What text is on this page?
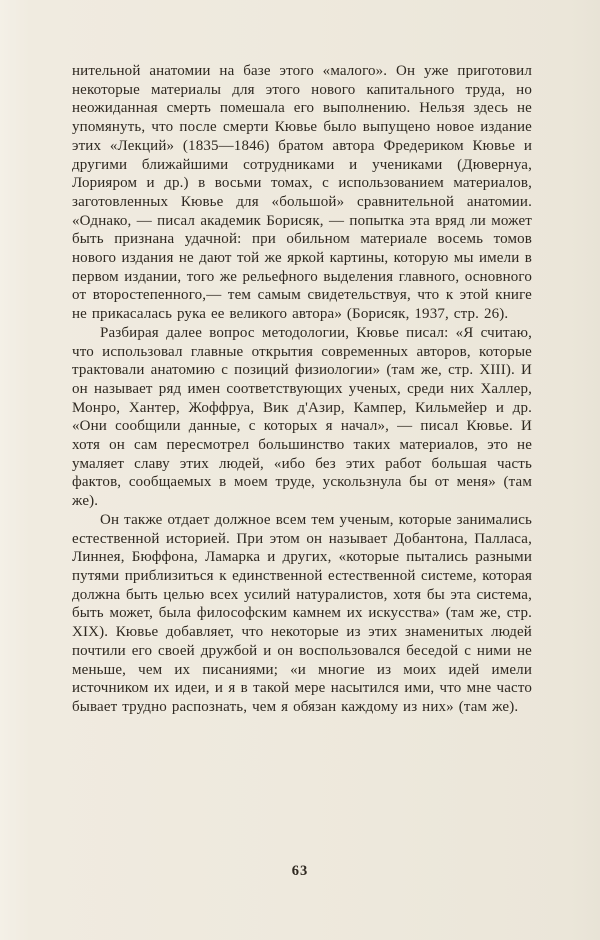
нительной анатомии на базе этого «малого». Он уже приготовил некоторые материалы для этого нового капитального труда, но неожиданная смерть помешала его выполнению. Нельзя здесь не упомянуть, что после смерти Кювье было выпущено новое издание этих «Лекций» (1835—1846) братом автора Фредериком Кювье и другими ближайшими сотрудниками и учениками (Дювернуа, Лорияром и др.) в восьми томах, с использованием материалов, заготовленных Кювье для «большой» сравнительной анатомии. «Однако, — писал академик Борисяк, — попытка эта вряд ли может быть признана удачной: при обильном материале восемь томов нового издания не дают той же яркой картины, которую мы имели в первом издании, того же рельефного выделения главного, основного от второстепенного,— тем самым свидетельствуя, что к этой книге не прикасалась рука ее великого автора» (Борисяк, 1937, стр. 26).

Разбирая далее вопрос методологии, Кювье писал: «Я считаю, что использовал главные открытия современных авторов, которые трактовали анатомию с позиций физиологии» (там же, стр. XIII). И он называет ряд имен соответствующих ученых, среди них Халлер, Монро, Хантер, Жоффруа, Вик д'Азир, Кампер, Кильмейер и др. «Они сообщили данные, с которых я начал», — писал Кювье. И хотя он сам пересмотрел большинство таких материалов, это не умаляет славу этих людей, «ибо без этих работ большая часть фактов, сообщаемых в моем труде, ускользнула бы от меня» (там же).

Он также отдает должное всем тем ученым, которые занимались естественной историей. При этом он называет Добантона, Палласа, Линнея, Бюффона, Ламарка и других, «которые пытались разными путями приблизиться к единственной естественной системе, которая должна быть целью всех усилий натуралистов, хотя бы эта система, быть может, была философским камнем их искусства» (там же, стр. XIX). Кювье добавляет, что некоторые из этих знаменитых людей почтили его своей дружбой и он воспользовался беседой с ними не меньше, чем их писаниями; «и многие из моих идей имели источником их идеи, и я в такой мере насытился ими, что мне часто бывает трудно распознать, чем я обязан каждому из них» (там же).

63
